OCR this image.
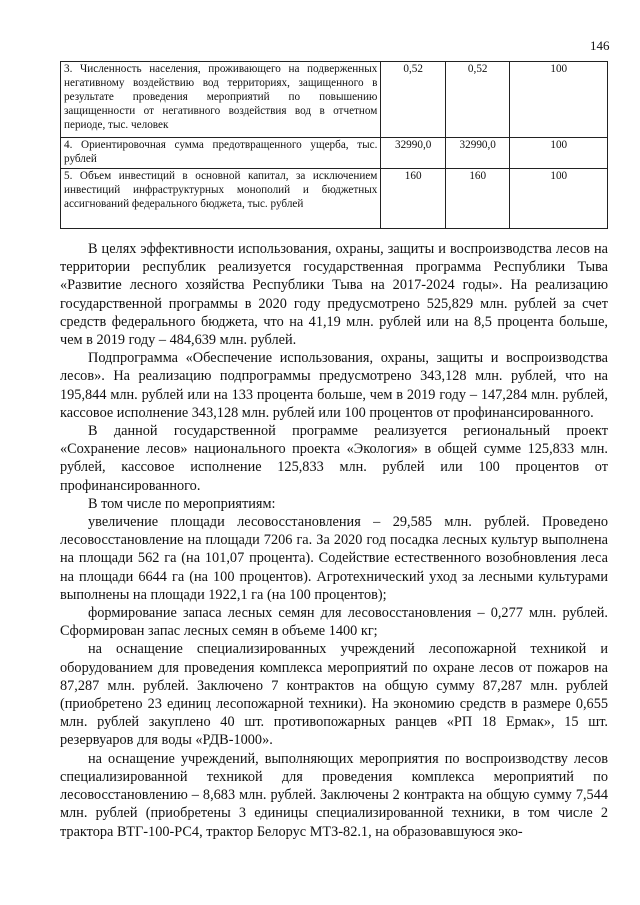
146
3. Численность населения, проживающего на подверженных негативному воздействию вод территориях, защищенного в результате проведения мероприятий по повышению защищенности от негативного воздействия вод в отчетном периоде, тыс. человек	0,52	0,52	100
4. Ориентировочная сумма предотвращенного ущерба, тыс. рублей	32990,0	32990,0	100
5. Объем инвестиций в основной капитал, за исключением инвестиций инфраструктурных монополий и бюджетных ассигнований федерального бюджета, тыс. рублей	160	160	100

В целях эффективности использования, охраны, защиты и воспроизводства лесов на территории республик реализуется государственная программа Республики Тыва «Развитие лесного хозяйства Республики Тыва на 2017-2024 годы». На реализацию государственной программы в 2020 году предусмотрено 525,829 млн. рублей за счет средств федерального бюджета, что на 41,19 млн. рублей или на 8,5 процента больше, чем в 2019 году – 484,639 млн. рублей.

Подпрограмма «Обеспечение использования, охраны, защиты и воспроизводства лесов». На реализацию подпрограммы предусмотрено 343,128 млн. рублей, что на 195,844 млн. рублей или на 133 процента больше, чем в 2019 году – 147,284 млн. рублей, кассовое исполнение 343,128 млн. рублей или 100 процентов от профинансированного.

В данной государственной программе реализуется региональный проект «Сохранение лесов» национального проекта «Экология» в общей сумме 125,833 млн. рублей, кассовое исполнение 125,833 млн. рублей или 100 процентов от профинансированного.

В том числе по мероприятиям:

увеличение площади лесовосстановления – 29,585 млн. рублей. Проведено лесовосстановление на площади 7206 га. За 2020 год посадка лесных культур выполнена на площади 562 га (на 101,07 процента). Содействие естественного возобновления леса на площади 6644 га (на 100 процентов). Агротехнический уход за лесными культурами выполнены на площади 1922,1 га (на 100 процентов);

формирование запаса лесных семян для лесовосстановления – 0,277 млн. рублей. Сформирован запас лесных семян в объеме 1400 кг;

на оснащение специализированных учреждений лесопожарной техникой и оборудованием для проведения комплекса мероприятий по охране лесов от пожаров на 87,287 млн. рублей. Заключено 7 контрактов на общую сумму 87,287 млн. рублей (приобретено 23 единиц лесопожарной техники). На экономию средств в размере 0,655 млн. рублей закуплено 40 шт. противопожарных ранцев «РП 18 Ермак», 15 шт. резервуаров для воды «РДВ-1000».

на оснащение учреждений, выполняющих мероприятия по воспроизводству лесов специализированной техникой для проведения комплекса мероприятий по лесовосстановлению – 8,683 млн. рублей. Заключены 2 контракта на общую сумму 7,544 млн. рублей (приобретены 3 единицы специализированной техники, в том числе 2 трактора ВТГ-100-РС4, трактор Белорус МТЗ-82.1, на образовавшуюся эко-
